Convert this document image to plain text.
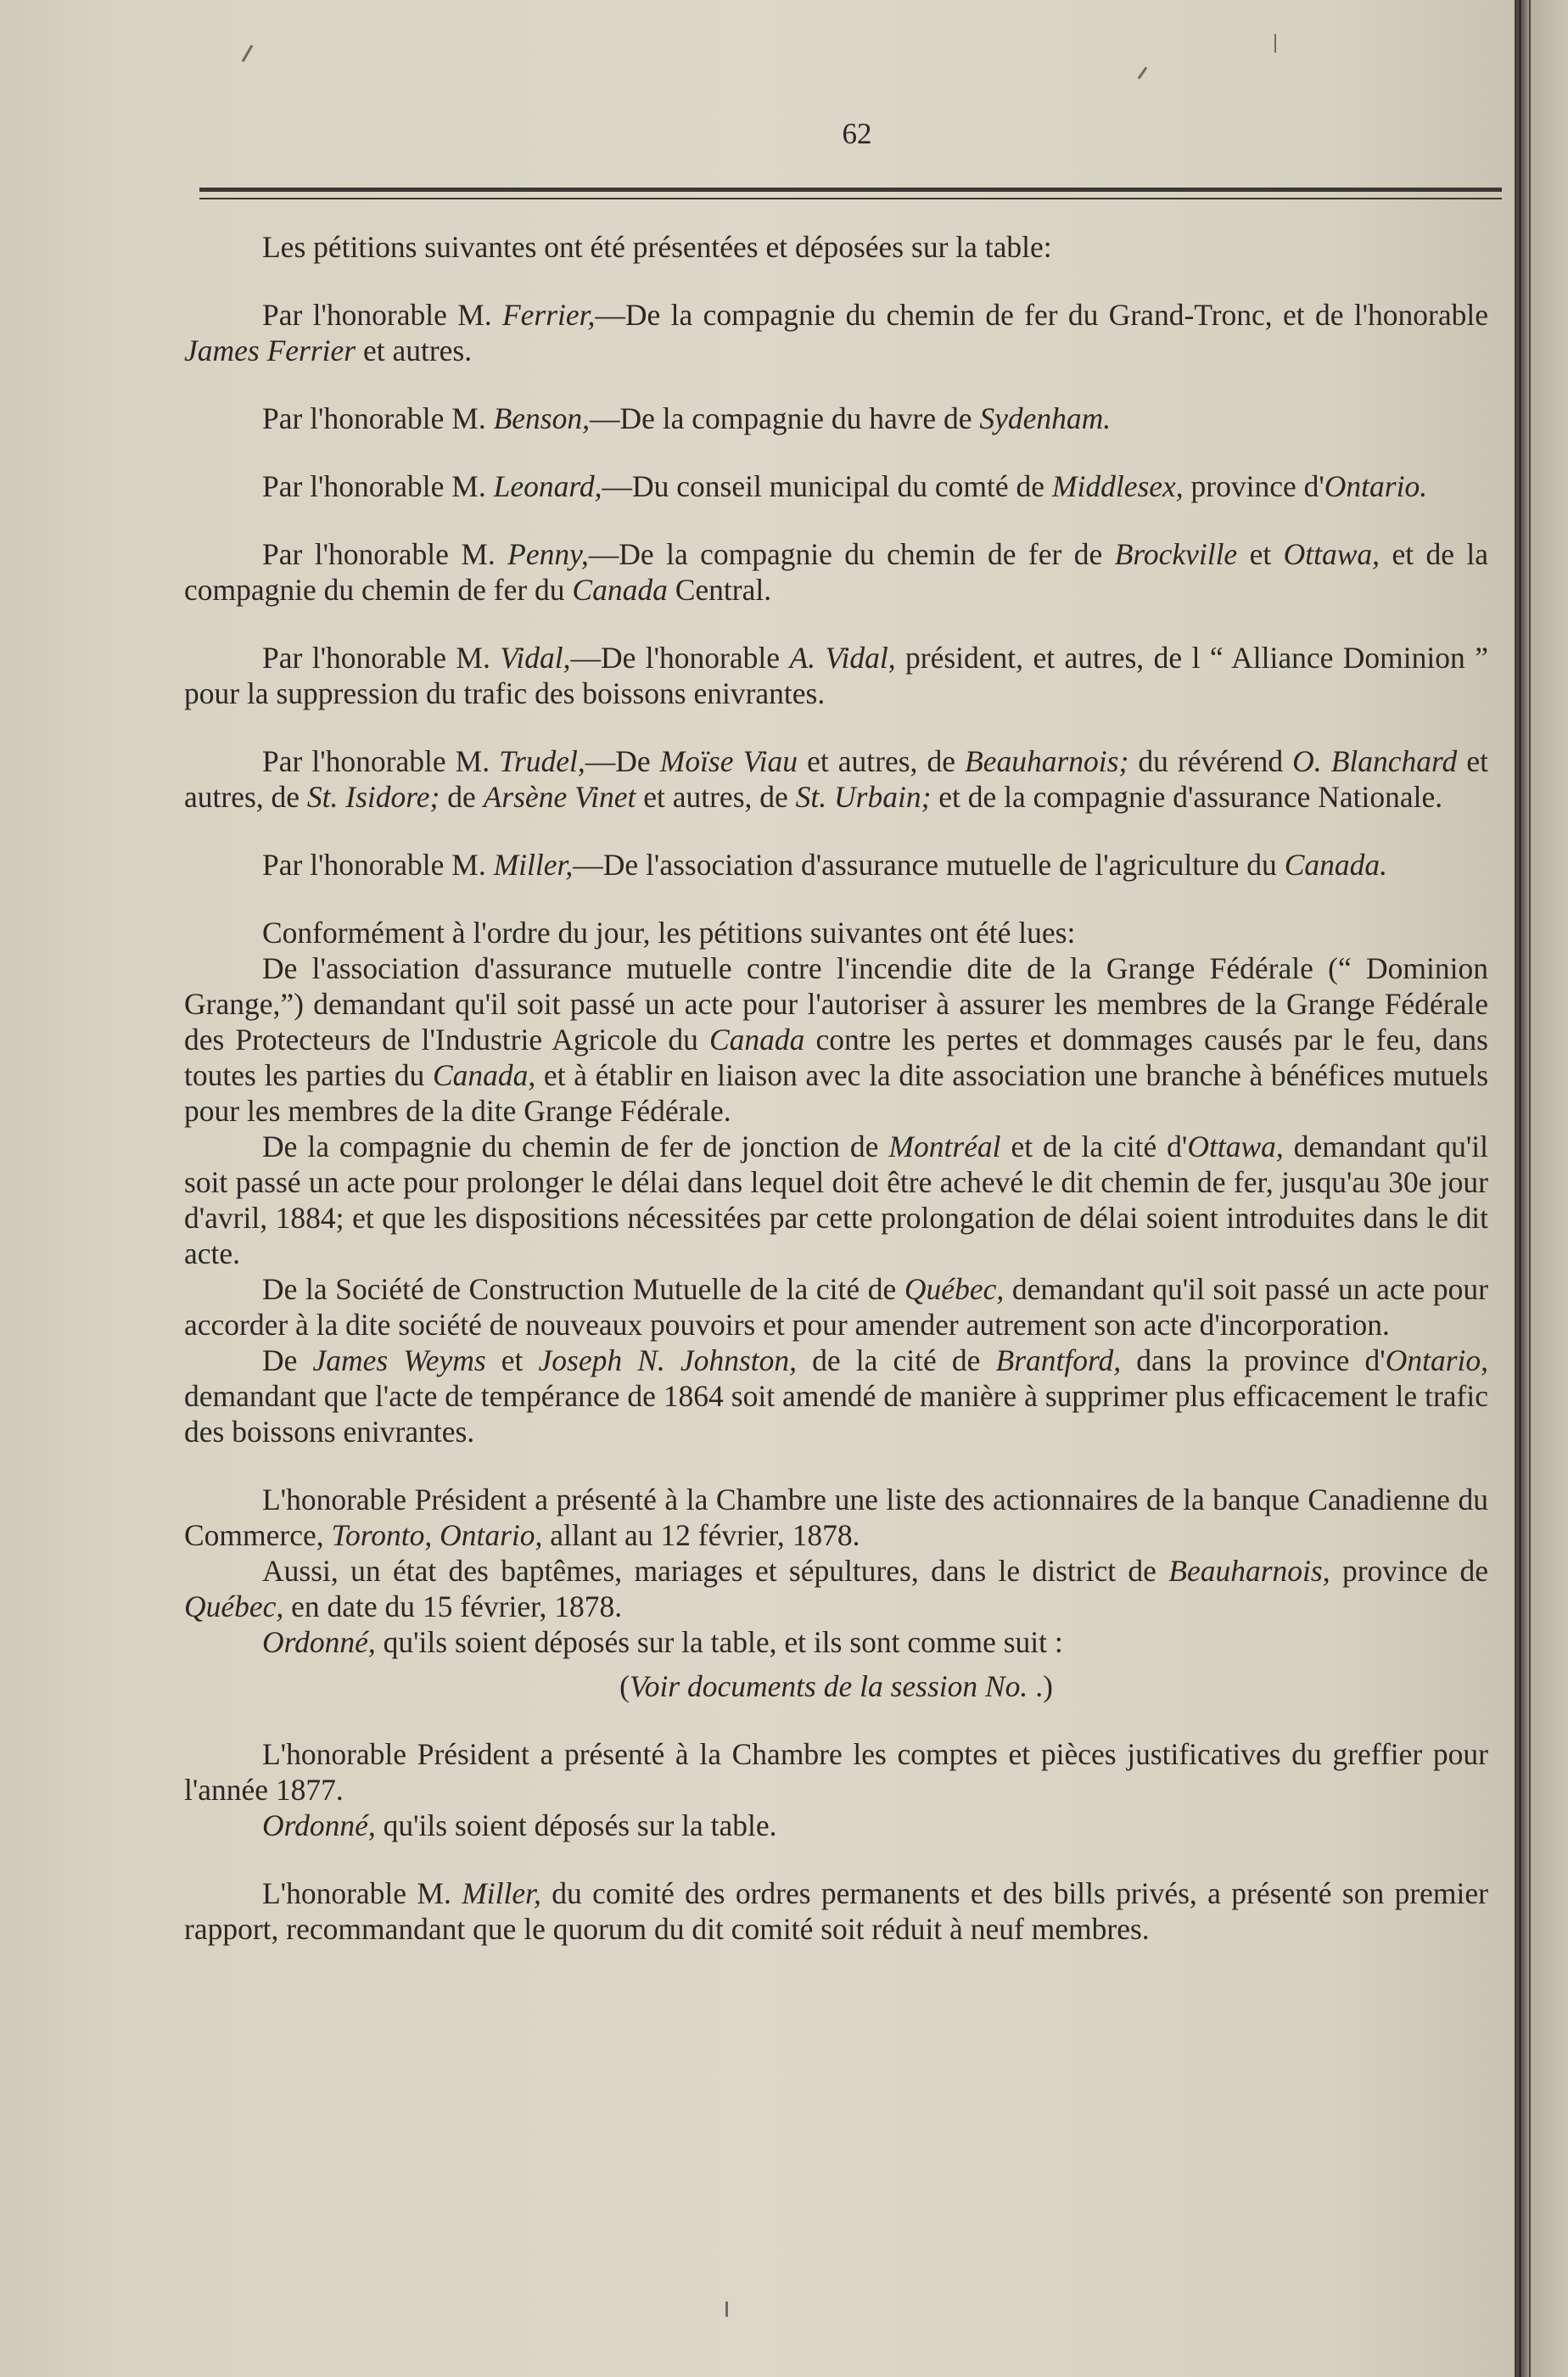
62

Les pétitions suivantes ont été présentées et déposées sur la table:

Par l'honorable M. Ferrier,—De la compagnie du chemin de fer du Grand-Tronc, et de l'honorable James Ferrier et autres.

Par l'honorable M. Benson,—De la compagnie du havre de Sydenham.

Par l'honorable M. Leonard,—Du conseil municipal du comté de Middlesex, province d'Ontario.

Par l'honorable M. Penny,—De la compagnie du chemin de fer de Brockville et Ottawa, et de la compagnie du chemin de fer du Canada Central.

Par l'honorable M. Vidal,—De l'honorable A. Vidal, président, et autres, de l “ Alliance Dominion ” pour la suppression du trafic des boissons enivrantes.

Par l'honorable M. Trudel,—De Moïse Viau et autres, de Beauharnois; du révérend O. Blanchard et autres, de St. Isidore; de Arsène Vinet et autres, de St. Urbain; et de la compagnie d'assurance Nationale.

Par l'honorable M. Miller,—De l'association d'assurance mutuelle de l'agriculture du Canada.

Conformément à l'ordre du jour, les pétitions suivantes ont été lues:

De l'association d'assurance mutuelle contre l'incendie dite de la Grange Fédérale (“ Dominion Grange,”) demandant qu'il soit passé un acte pour l'autoriser à assurer les membres de la Grange Fédérale des Protecteurs de l'Industrie Agricole du Canada contre les pertes et dommages causés par le feu, dans toutes les parties du Canada, et à établir en liaison avec la dite association une branche à bénéfices mutuels pour les membres de la dite Grange Fédérale.

De la compagnie du chemin de fer de jonction de Montréal et de la cité d'Ottawa, demandant qu'il soit passé un acte pour prolonger le délai dans lequel doit être achevé le dit chemin de fer, jusqu'au 30e jour d'avril, 1884; et que les dispositions nécessitées par cette prolongation de délai soient introduites dans le dit acte.

De la Société de Construction Mutuelle de la cité de Québec, demandant qu'il soit passé un acte pour accorder à la dite société de nouveaux pouvoirs et pour amender autrement son acte d'incorporation.

De James Weyms et Joseph N. Johnston, de la cité de Brantford, dans la province d'Ontario, demandant que l'acte de tempérance de 1864 soit amendé de manière à supprimer plus efficacement le trafic des boissons enivrantes.

L'honorable Président a présenté à la Chambre une liste des actionnaires de la banque Canadienne du Commerce, Toronto, Ontario, allant au 12 février, 1878.

Aussi, un état des baptêmes, mariages et sépultures, dans le district de Beauharnois, province de Québec, en date du 15 février, 1878.

Ordonné, qu'ils soient déposés sur la table, et ils sont comme suit :

(Voir documents de la session No. .)

L'honorable Président a présenté à la Chambre les comptes et pièces justificatives du greffier pour l'année 1877.

Ordonné, qu'ils soient déposés sur la table.

L'honorable M. Miller, du comité des ordres permanents et des bills privés, a présenté son premier rapport, recommandant que le quorum du dit comité soit réduit à neuf membres.
